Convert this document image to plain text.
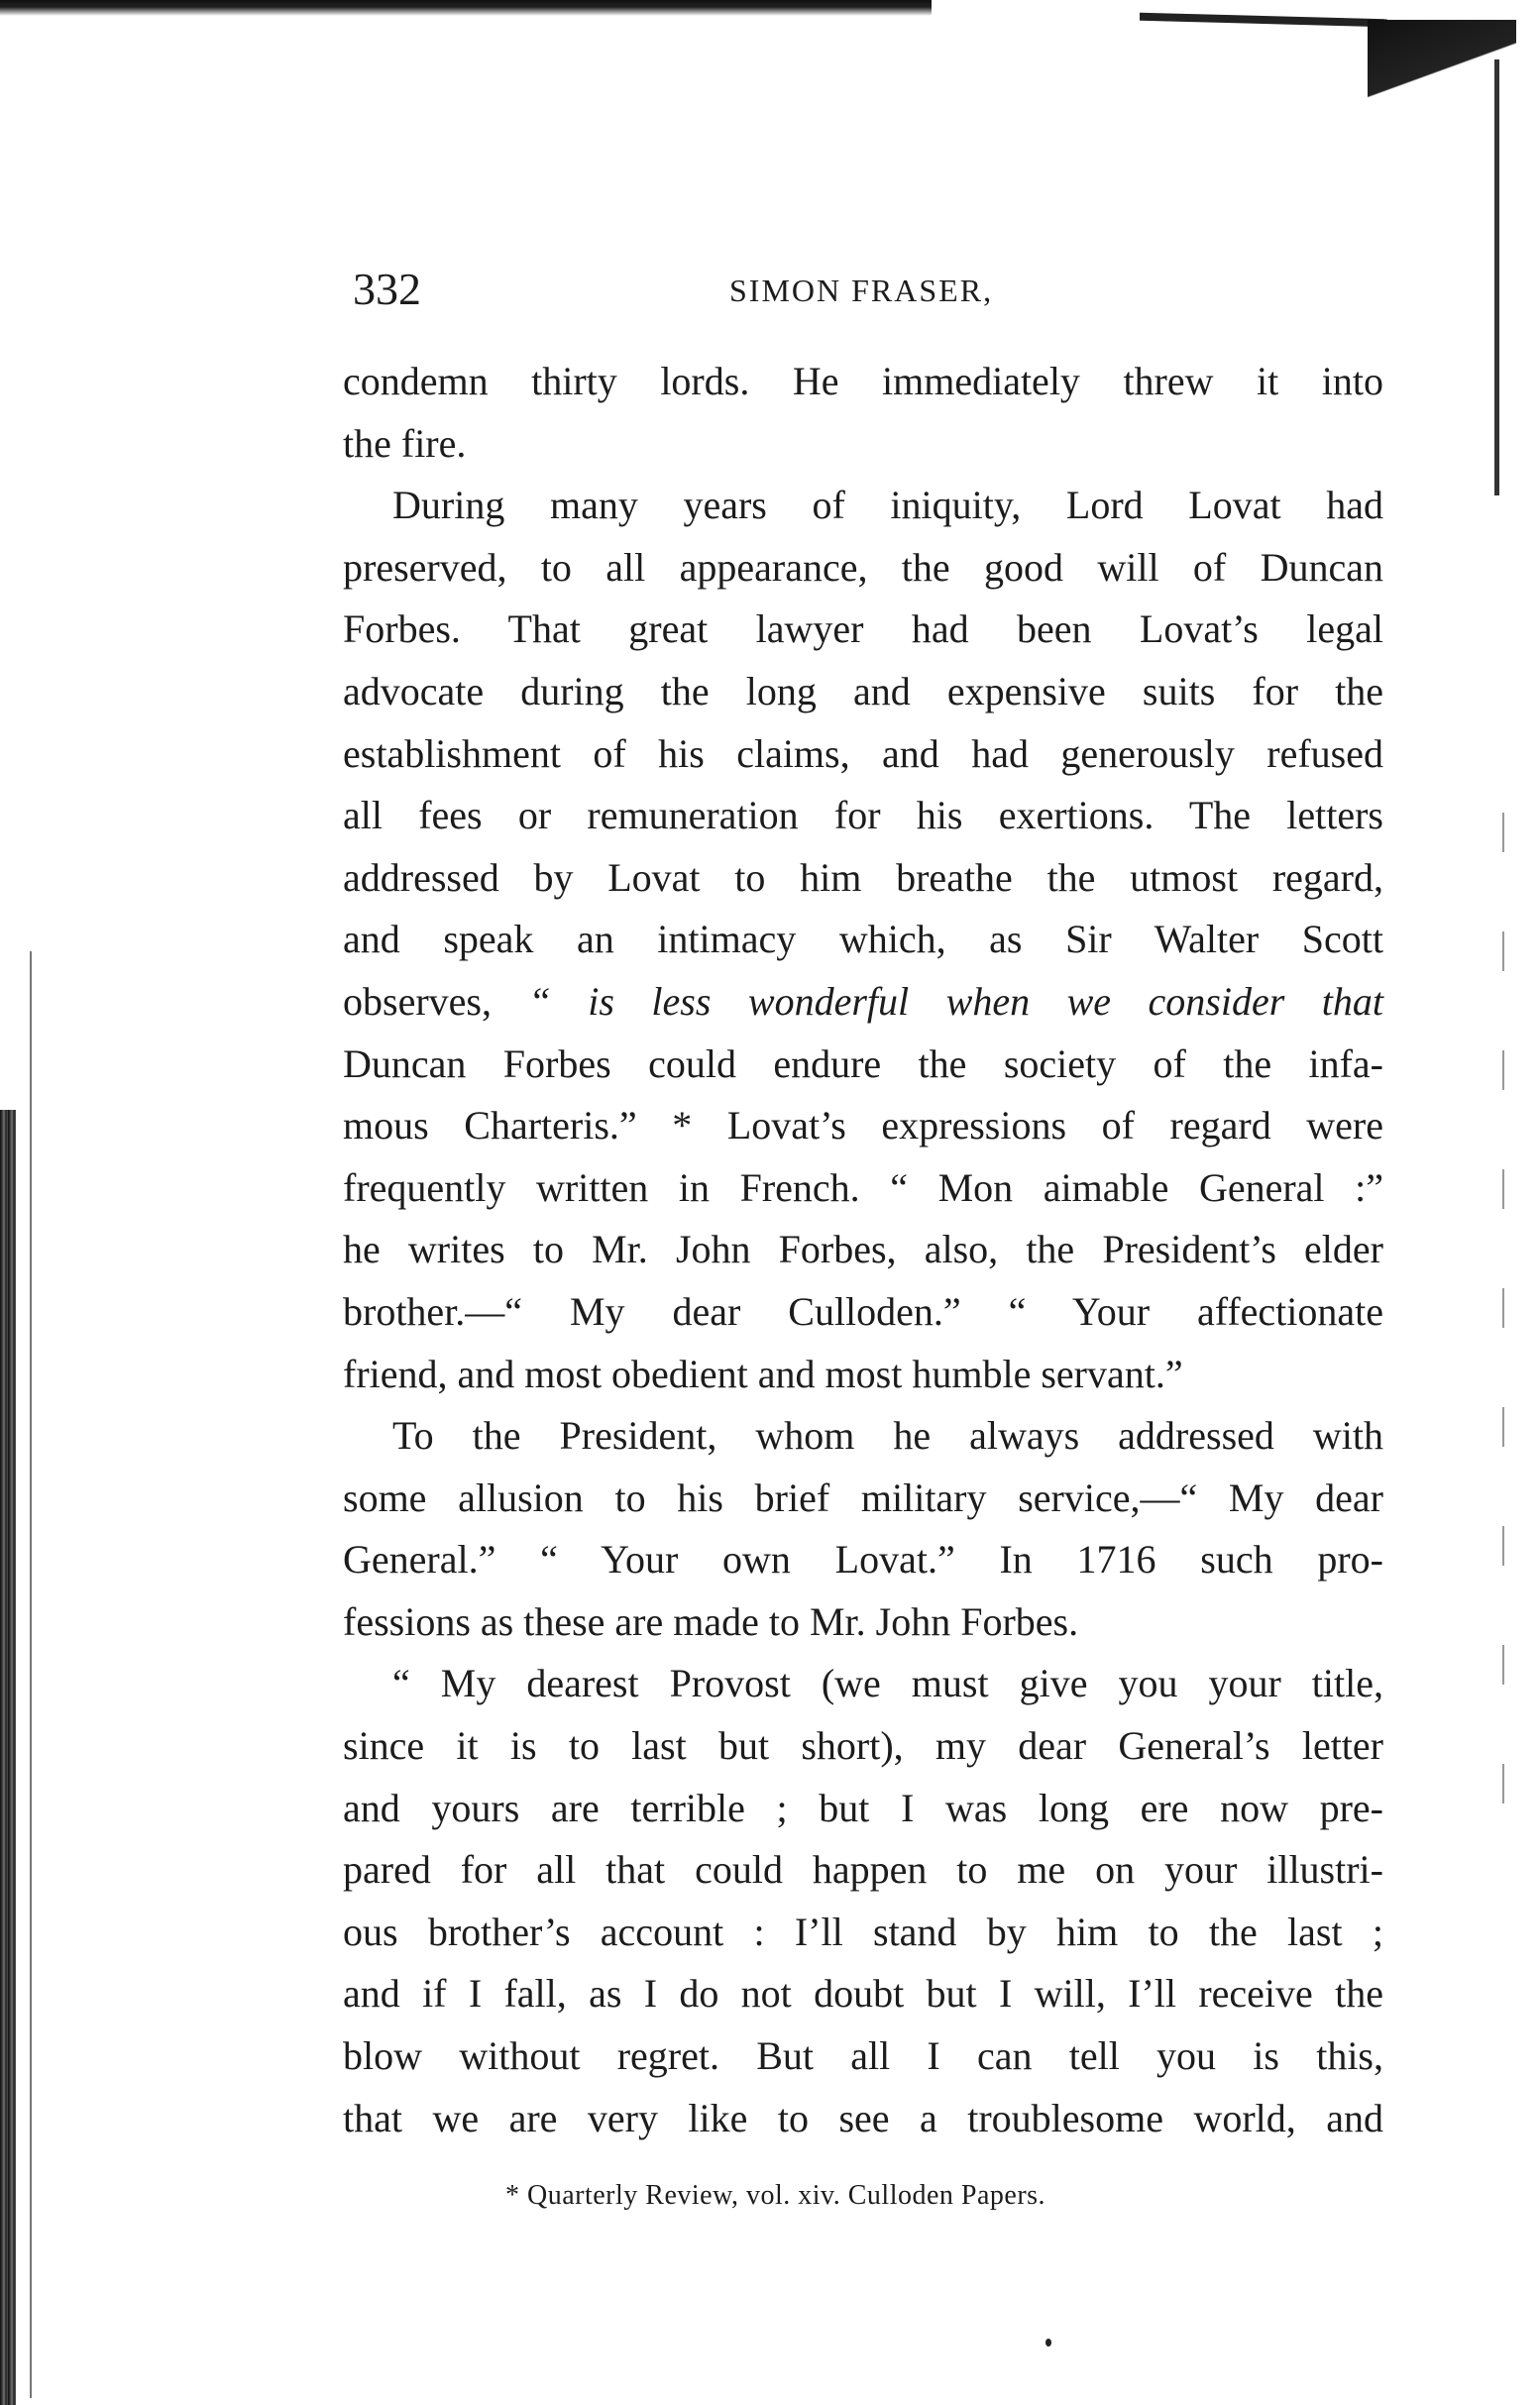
332	SIMON FRASER,
condemn thirty lords. He immediately threw it into
the fire.
During many years of iniquity, Lord Lovat had
preserved, to all appearance, the good will of Duncan
Forbes. That great lawyer had been Lovat’s legal
advocate during the long and expensive suits for the
establishment of his claims, and had generously refused
all fees or remuneration for his exertions. The letters
addressed by Lovat to him breathe the utmost regard,
and speak an intimacy which, as Sir Walter Scott
observes, “ is less wonderful when we consider that
Duncan Forbes could endure the society of the infa-
mous Charteris.” * Lovat’s expressions of regard were
frequently written in French. “ Mon aimable General :”
he writes to Mr. John Forbes, also, the President’s elder
brother.—“ My dear Culloden.” “ Your affectionate
friend, and most obedient and most humble servant.”
To the President, whom he always addressed with
some allusion to his brief military service,—“ My dear
General.” “ Your own Lovat.” In 1716 such pro-
fessions as these are made to Mr. John Forbes.
“ My dearest Provost (we must give you your title,
since it is to last but short), my dear General’s letter
and yours are terrible ; but I was long ere now pre-
pared for all that could happen to me on your illustri-
ous brother’s account : I’ll stand by him to the last ;
and if I fall, as I do not doubt but I will, I’ll receive the
blow without regret. But all I can tell you is this,
that we are very like to see a troublesome world, and
* Quarterly Review, vol. xiv. Culloden Papers.
